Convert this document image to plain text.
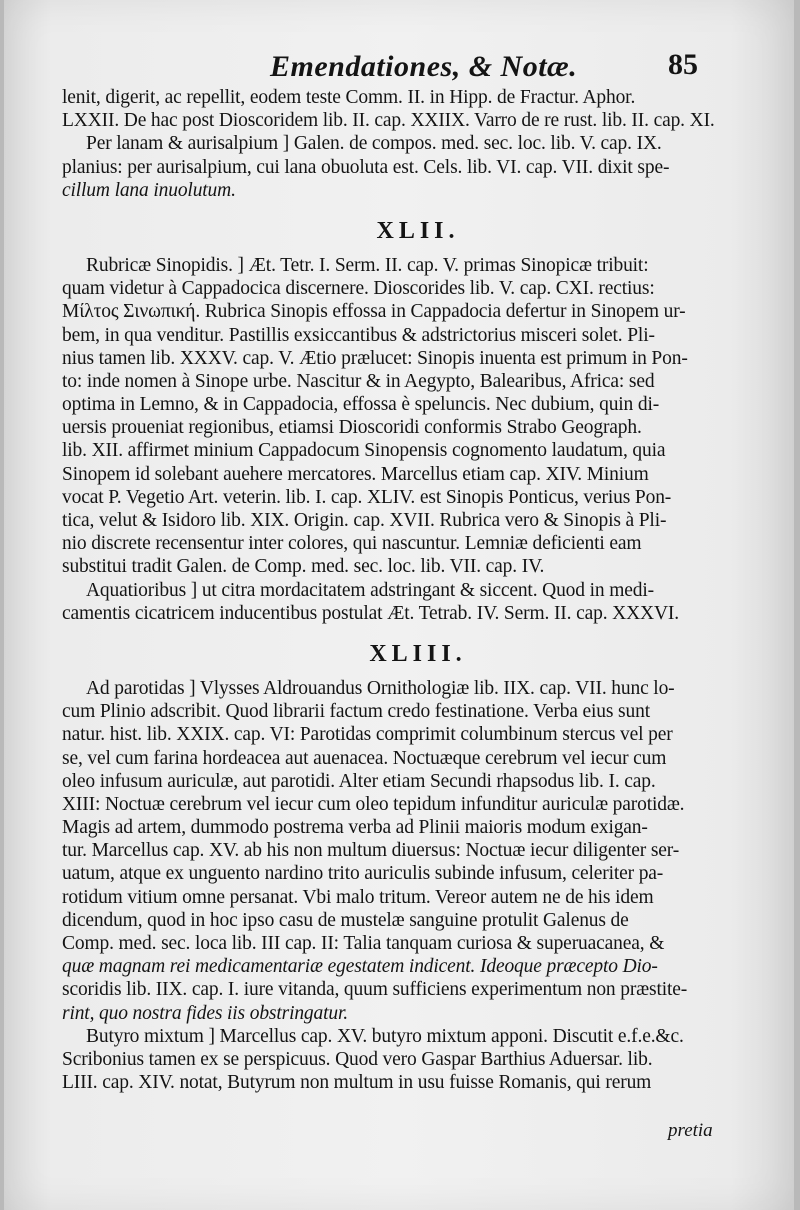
Emendationes, & Notæ.	85
lenit, digerit, ac repellit, eodem teste Comm. II. in Hipp. de Fractur. Aphor.
LXXII. De hac post Dioscoridem lib. II. cap. XXIIX. Varro de re rust. lib. II. cap. XI.
Per lanam & aurisalpium ] Galen. de compos. med. sec. loc. lib. V. cap. IX.
planius: per aurisalpium, cui lana obuoluta est. Cels. lib. VI. cap. VII. dixit spe-
cillum lana inuolutum.
XLII.
Rubricæ Sinopidis. ] Æt. Tetr. I. Serm. II. cap. V. primas Sinopicæ tribuit:
quam videtur à Cappadocica discernere. Dioscorides lib. V. cap. CXI. rectius:
Μίλτος Σινωπική. Rubrica Sinopis effossa in Cappadocia defertur in Sinopem ur-
bem, in qua venditur. Pastillis exsiccantibus & adstrictorius misceri solet. Pli-
nius tamen lib. XXXV. cap. V. Ætio prælucet: Sinopis inuenta est primum in Pon-
to: inde nomen à Sinope urbe. Nascitur & in Aegypto, Balearibus, Africa: sed
optima in Lemno, & in Cappadocia, effossa è speluncis. Nec dubium, quin di-
uersis proueniat regionibus, etiamsi Dioscoridi conformis Strabo Geograph.
lib. XII. affirmet minium Cappadocum Sinopensis cognomento laudatum, quia
Sinopem id solebant auehere mercatores. Marcellus etiam cap. XIV. Minium
vocat P. Vegetio Art. veterin. lib. I. cap. XLIV. est Sinopis Ponticus, verius Pon-
tica, velut & Isidoro lib. XIX. Origin. cap. XVII. Rubrica vero & Sinopis à Pli-
nio discrete recensentur inter colores, qui nascuntur. Lemniæ deficienti eam
substitui tradit Galen. de Comp. med. sec. loc. lib. VII. cap. IV.
Aquatioribus ] ut citra mordacitatem adstringant & siccent. Quod in medi-
camentis cicatricem inducentibus postulat Æt. Tetrab. IV. Serm. II. cap. XXXVI.
XLIII.
Ad parotidas ] Vlysses Aldrouandus Ornithologiæ lib. IIX. cap. VII. hunc lo-
cum Plinio adscribit. Quod librarii factum credo festinatione. Verba eius sunt
natur. hist. lib. XXIX. cap. VI: Parotidas comprimit columbinum stercus vel per
se, vel cum farina hordeacea aut auenacea. Noctuæque cerebrum vel iecur cum
oleo infusum auriculæ, aut parotidi. Alter etiam Secundi rhapsodus lib. I. cap.
XIII: Noctuæ cerebrum vel iecur cum oleo tepidum infunditur auriculæ parotidæ.
Magis ad artem, dummodo postrema verba ad Plinii maioris modum exigan-
tur. Marcellus cap. XV. ab his non multum diuersus: Noctuæ iecur diligenter ser-
uatum, atque ex unguento nardino trito auriculis subinde infusum, celeriter pa-
rotidum vitium omne persanat. Vbi malo tritum. Vereor autem ne de his idem
dicendum, quod in hoc ipso casu de mustelæ sanguine protulit Galenus de
Comp. med. sec. loca lib. III cap. II: Talia tanquam curiosa & superuacanea, &
quæ magnam rei medicamentariæ egestatem indicent. Ideoque præcepto Dio-
scoridis lib. IIX. cap. I. iure vitanda, quum sufficiens experimentum non præstite-
rint, quo nostra fides iis obstringatur.
Butyro mixtum ] Marcellus cap. XV. butyro mixtum apponi. Discutit e.f.e.&c.
Scribonius tamen ex se perspicuus. Quod vero Gaspar Barthius Aduersar. lib.
LIII. cap. XIV. notat, Butyrum non multum in usu fuisse Romanis, qui rerum
pretia
